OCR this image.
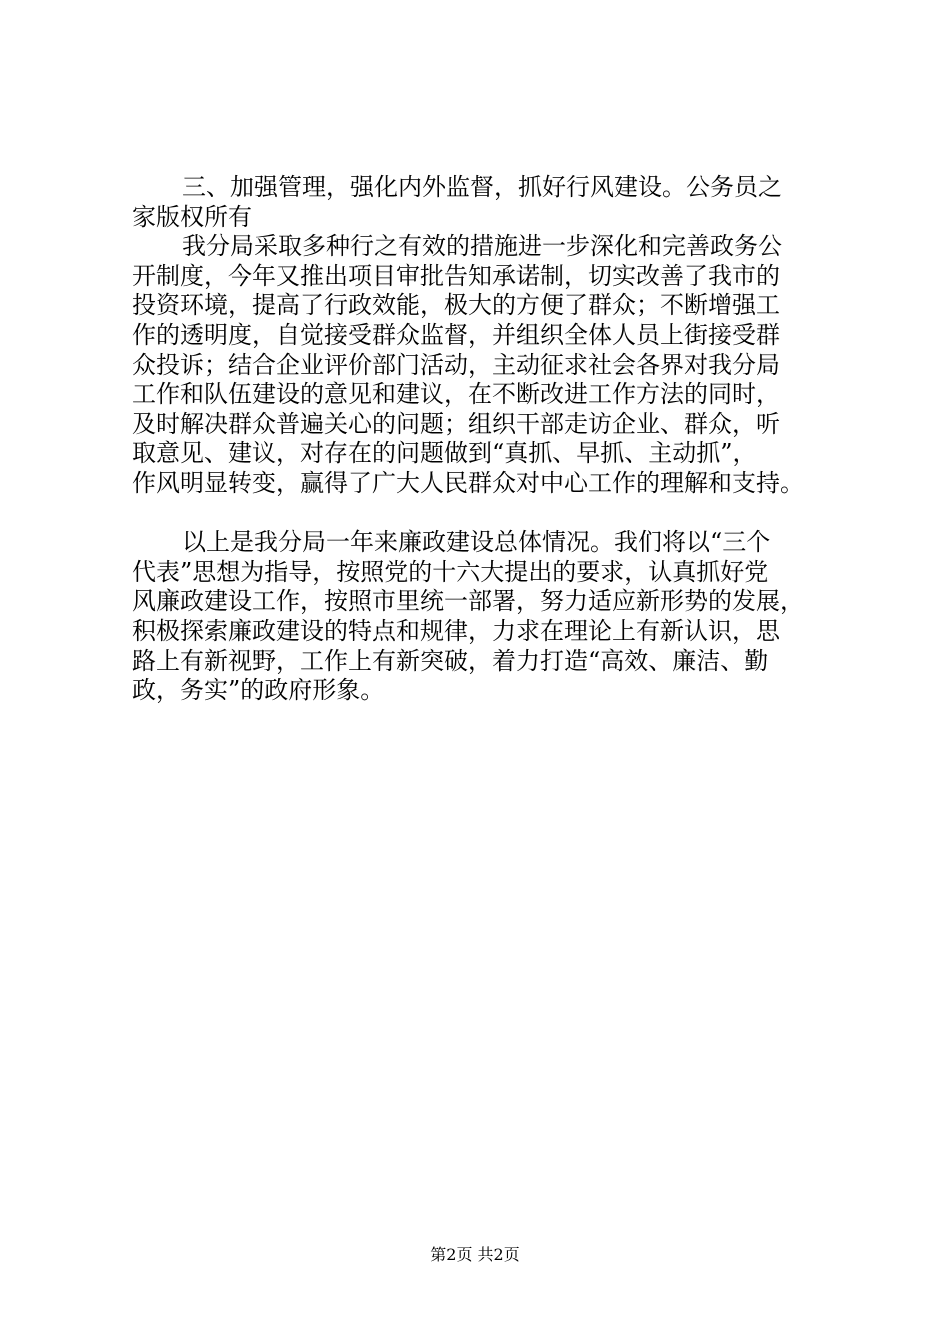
三、加强管理，强化内外监督，抓好行风建设。公务员之
家版权所有
我分局采取多种行之有效的措施进一步深化和完善政务公
开制度，今年又推出项目审批告知承诺制，切实改善了我市的
投资环境，提高了行政效能，极大的方便了群众；不断增强工
作的透明度，自觉接受群众监督，并组织全体人员上街接受群
众投诉；结合企业评价部门活动，主动征求社会各界对我分局
工作和队伍建设的意见和建议，在不断改进工作方法的同时，
及时解决群众普遍关心的问题；组织干部走访企业、群众，听
取意见、建议，对存在的问题做到“真抓、早抓、主动抓”，
作风明显转变，赢得了广大人民群众对中心工作的理解和支持。
以上是我分局一年来廉政建设总体情况。我们将以“三个
代表”思想为指导，按照党的十六大提出的要求，认真抓好党
风廉政建设工作，按照市里统一部署，努力适应新形势的发展，
积极探索廉政建设的特点和规律，力求在理论上有新认识，思
路上有新视野，工作上有新突破，着力打造“高效、廉洁、勤
政，务实”的政府形象。
第2页 共2页
